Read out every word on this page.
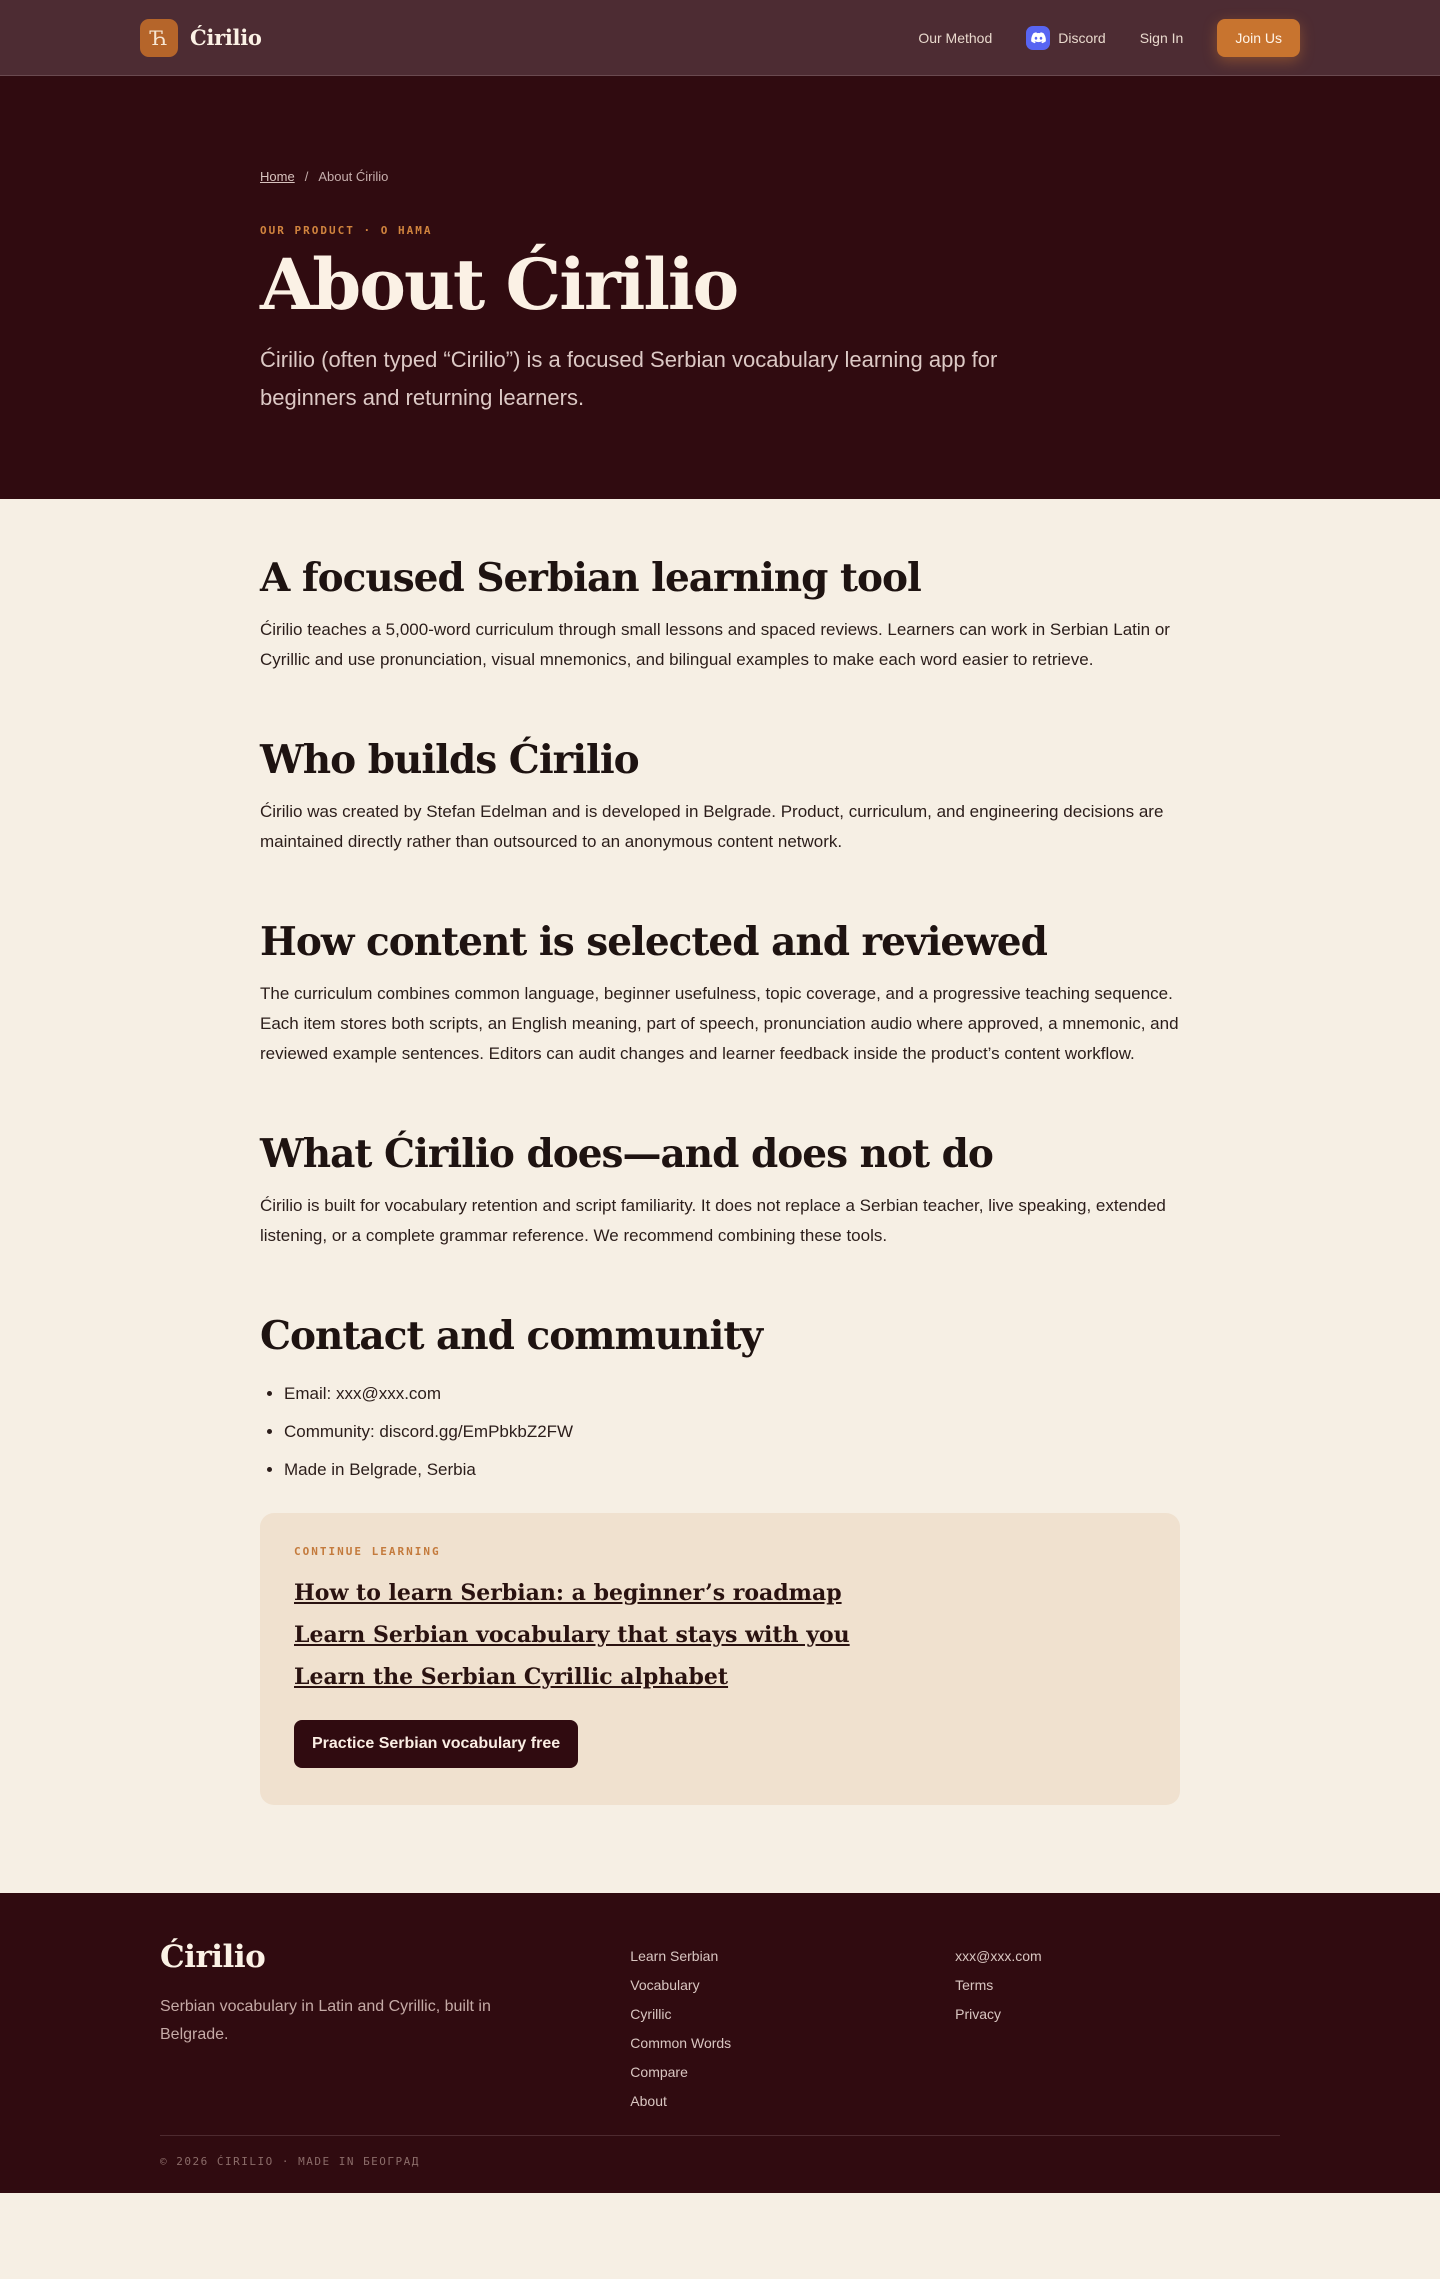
Ћ	Ćirilio	Our Method	Discord Sign In	Join Us
Home / About Ćirilio
OUR PRODUCT · O НАМА
About Ćirilio

Ćirilio (often typed “Cirilio”) is a focused Serbian vocabulary learning app for beginners and returning learners.

A focused Serbian learning tool

Ćirilio teaches a 5,000-word curriculum through small lessons and spaced reviews. Learners can work in Serbian Latin or Cyrillic and use pronunciation, visual mnemonics, and bilingual examples to make each word easier to retrieve.

Who builds Ćirilio

Ćirilio was created by Stefan Edelman and is developed in Belgrade. Product, curriculum, and engineering decisions are maintained directly rather than outsourced to an anonymous content network.

How content is selected and reviewed

The curriculum combines common language, beginner usefulness, topic coverage, and a progressive teaching sequence. Each item stores both scripts, an English meaning, part of speech, pronunciation audio where approved, a mnemonic, and reviewed example sentences. Editors can audit changes and learner feedback inside the product’s content workflow.

What Ćirilio does—and does not do

Ćirilio is built for vocabulary retention and script familiarity. It does not replace a Serbian teacher, live speaking, extended listening, or a complete grammar reference. We recommend combining these tools.

Contact and community
• Email: xxx@xxx.com
• Community: discord.gg/EmPbkbZ2FW
• Made in Belgrade, Serbia
CONTINUE LEARNING
How to learn Serbian: a beginner’s roadmap
Learn Serbian vocabulary that stays with you
Learn the Serbian Cyrillic alphabet
Practice Serbian vocabulary free
Ćirilio

Serbian vocabulary in Latin and Cyrillic, built in Belgrade.

Learn Serbian
Vocabulary
Cyrillic
Common Words
Compare
About
xxx@xxx.com
Terms
Privacy
© 2026 ĆIRILIO · MADE IN БЕОГРАД
